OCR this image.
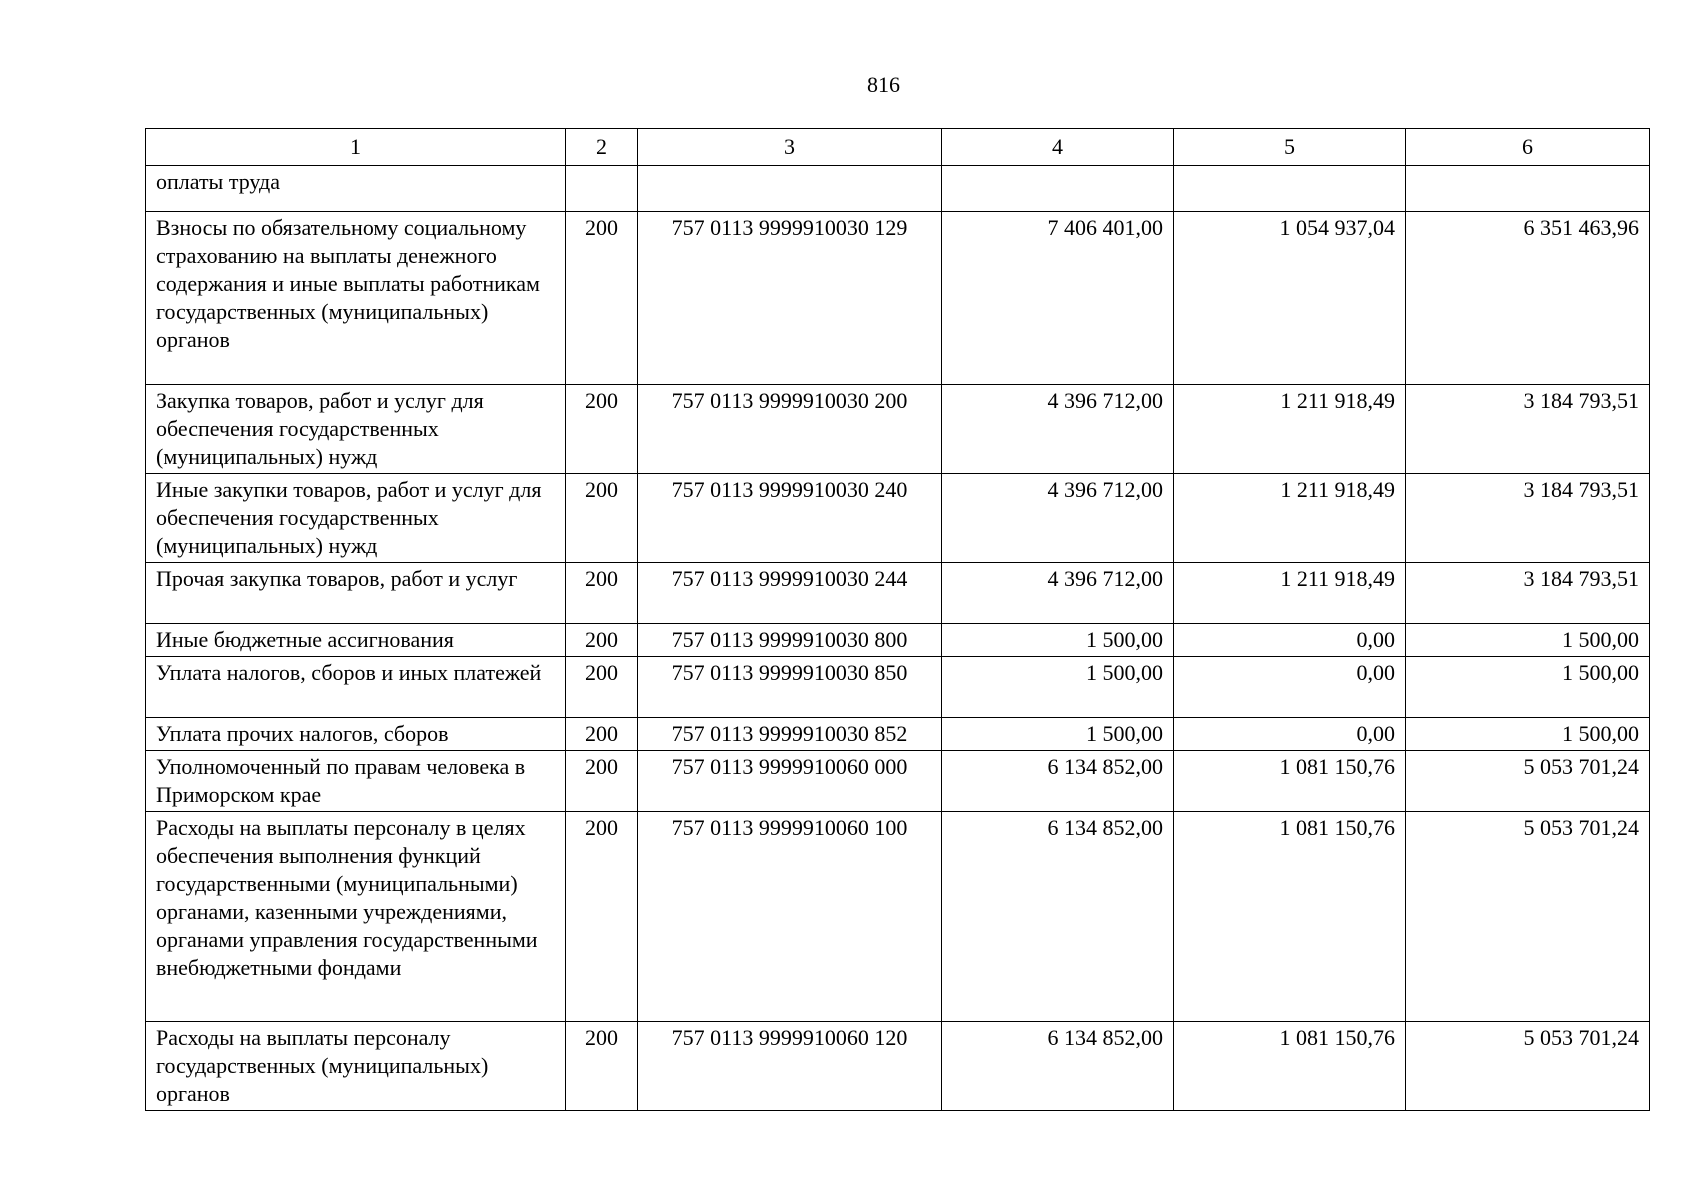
816
1	2	3	4	5	6
оплаты труда					
Взносы по обязательному социальному страхованию на выплаты денежного содержания и иные выплаты работникам государственных (муниципальных) органов	200	757 0113 9999910030 129	7 406 401,00	1 054 937,04	6 351 463,96
Закупка товаров, работ и услуг для обеспечения государственных (муниципальных) нужд	200	757 0113 9999910030 200	4 396 712,00	1 211 918,49	3 184 793,51
Иные закупки товаров, работ и услуг для обеспечения государственных (муниципальных) нужд	200	757 0113 9999910030 240	4 396 712,00	1 211 918,49	3 184 793,51
Прочая закупка товаров, работ и услуг	200	757 0113 9999910030 244	4 396 712,00	1 211 918,49	3 184 793,51
Иные бюджетные ассигнования	200	757 0113 9999910030 800	1 500,00	0,00	1 500,00
Уплата налогов, сборов и иных платежей	200	757 0113 9999910030 850	1 500,00	0,00	1 500,00
Уплата прочих налогов, сборов	200	757 0113 9999910030 852	1 500,00	0,00	1 500,00
Уполномоченный по правам человека в Приморском крае	200	757 0113 9999910060 000	6 134 852,00	1 081 150,76	5 053 701,24
Расходы на выплаты персоналу в целях обеспечения выполнения функций государственными (муниципальными) органами, казенными учреждениями, органами управления государственными внебюджетными фондами	200	757 0113 9999910060 100	6 134 852,00	1 081 150,76	5 053 701,24
Расходы на выплаты персоналу государственных (муниципальных) органов	200	757 0113 9999910060 120	6 134 852,00	1 081 150,76	5 053 701,24
